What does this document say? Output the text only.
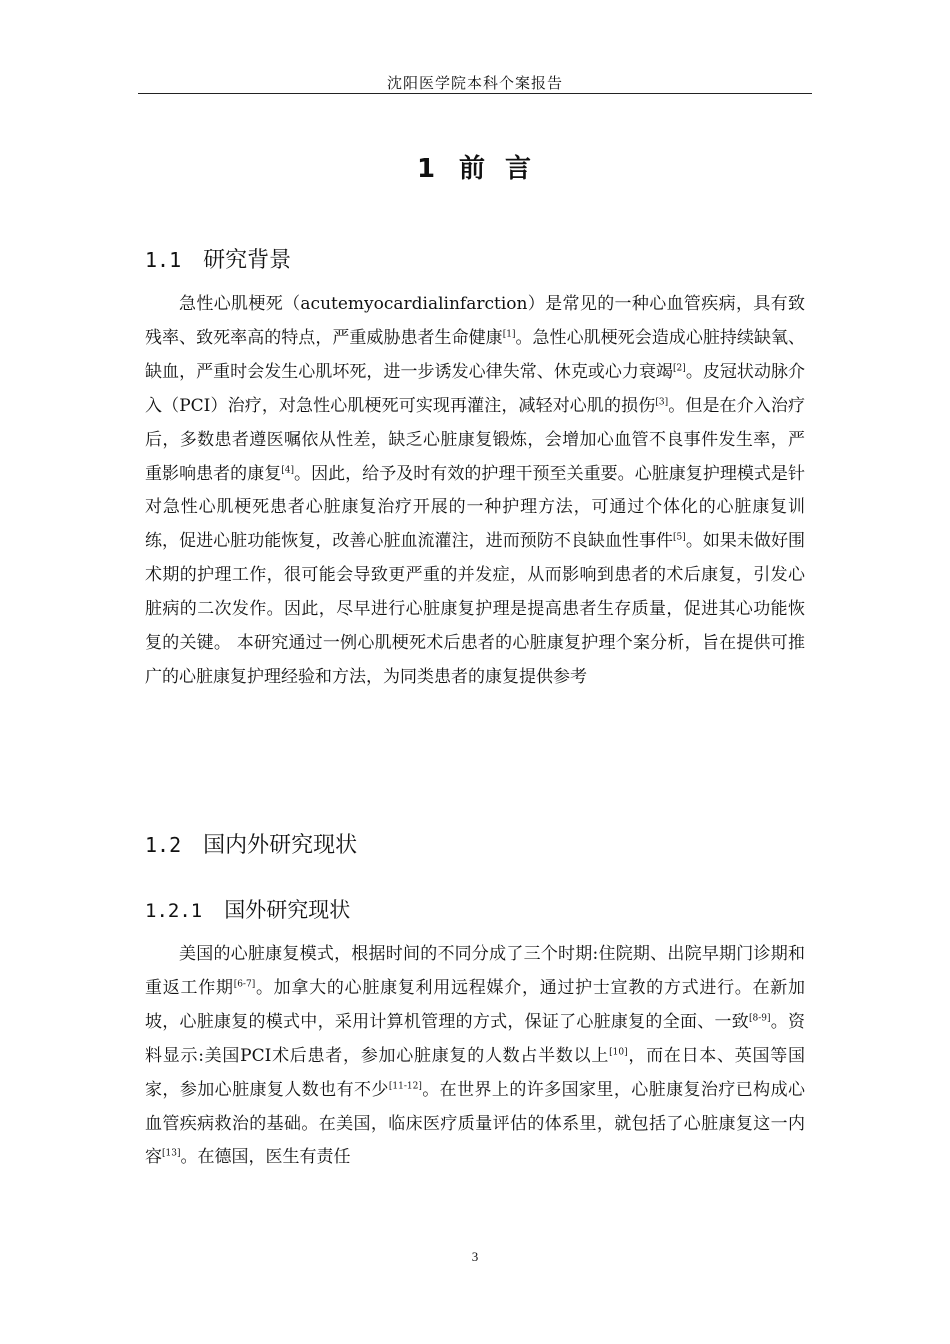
沈阳医学院本科个案报告
1 前 言
1.1 研究背景
急性心肌梗死（acutemyocardialinfarction）是常见的一种心血管疾病，具有致残率、致死率高的特点，严重威胁患者生命健康[1]。急性心肌梗死会造成心脏持续缺氧、缺血，严重时会发生心肌坏死，进一步诱发心律失常、休克或心力衰竭[2]。皮冠状动脉介入（PCI）治疗，对急性心肌梗死可实现再灌注，减轻对心肌的损伤[3]。但是在介入治疗后，多数患者遵医嘱依从性差，缺乏心脏康复锻炼，会增加心血管不良事件发生率，严重影响患者的康复[4]。因此，给予及时有效的护理干预至关重要。心脏康复护理模式是针对急性心肌梗死患者心脏康复治疗开展的一种护理方法，可通过个体化的心脏康复训练，促进心脏功能恢复，改善心脏血流灌注，进而预防不良缺血性事件[5]。如果未做好围术期的护理工作，很可能会导致更严重的并发症，从而影响到患者的术后康复，引发心脏病的二次发作。因此，尽早进行心脏康复护理是提高患者生存质量，促进其心功能恢复的关键。 本研究通过一例心肌梗死术后患者的心脏康复护理个案分析，旨在提供可推广的心脏康复护理经验和方法，为同类患者的康复提供参考
1.2 国内外研究现状
1.2.1 国外研究现状
美国的心脏康复模式，根据时间的不同分成了三个时期:住院期、出院早期门诊期和重返工作期[6-7]。加拿大的心脏康复利用远程媒介，通过护士宣教的方式进行。在新加坡，心脏康复的模式中，采用计算机管理的方式，保证了心脏康复的全面、一致[8-9]。资料显示:美国PCI术后患者，参加心脏康复的人数占半数以上[10]，而在日本、英国等国家，参加心脏康复人数也有不少[11-12]。在世界上的许多国家里，心脏康复治疗已构成心血管疾病救治的基础。在美国，临床医疗质量评估的体系里，就包括了心脏康复这一内容[13]。在德国，医生有责任
3
